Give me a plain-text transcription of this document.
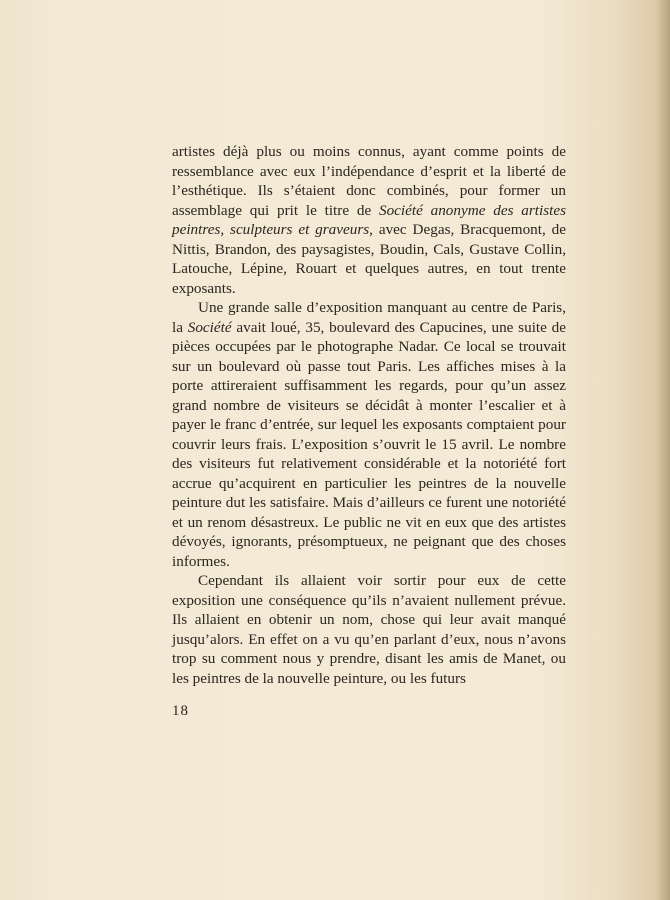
artistes déjà plus ou moins connus, ayant comme points de ressemblance avec eux l’indépendance d’esprit et la liberté de l’esthétique. Ils s’étaient donc combinés, pour former un assemblage qui prit le titre de Société anonyme des artistes peintres, sculpteurs et graveurs, avec Degas, Bracquemont, de Nittis, Brandon, des paysagistes, Boudin, Cals, Gustave Collin, Latouche, Lépine, Rouart et quelques autres, en tout trente exposants.

Une grande salle d’exposition manquant au centre de Paris, la Société avait loué, 35, boulevard des Capucines, une suite de pièces occupées par le photographe Nadar. Ce local se trouvait sur un boulevard où passe tout Paris. Les affiches mises à la porte attireraient suffisamment les regards, pour qu’un assez grand nombre de visiteurs se décidât à monter l’escalier et à payer le franc d’entrée, sur lequel les exposants comptaient pour couvrir leurs frais. L’exposition s’ouvrit le 15 avril. Le nombre des visiteurs fut relativement considérable et la notoriété fort accrue qu’acquirent en particulier les peintres de la nouvelle peinture dut les satisfaire. Mais d’ailleurs ce furent une notoriété et un renom désastreux. Le public ne vit en eux que des artistes dévoyés, ignorants, présomptueux, ne peignant que des choses informes.

Cependant ils allaient voir sortir pour eux de cette exposition une conséquence qu’ils n’avaient nullement prévue. Ils allaient en obtenir un nom, chose qui leur avait manqué jusqu’alors. En effet on a vu qu’en parlant d’eux, nous n’avons trop su comment nous y prendre, disant les amis de Manet, ou les peintres de la nouvelle peinture, ou les futurs

18
